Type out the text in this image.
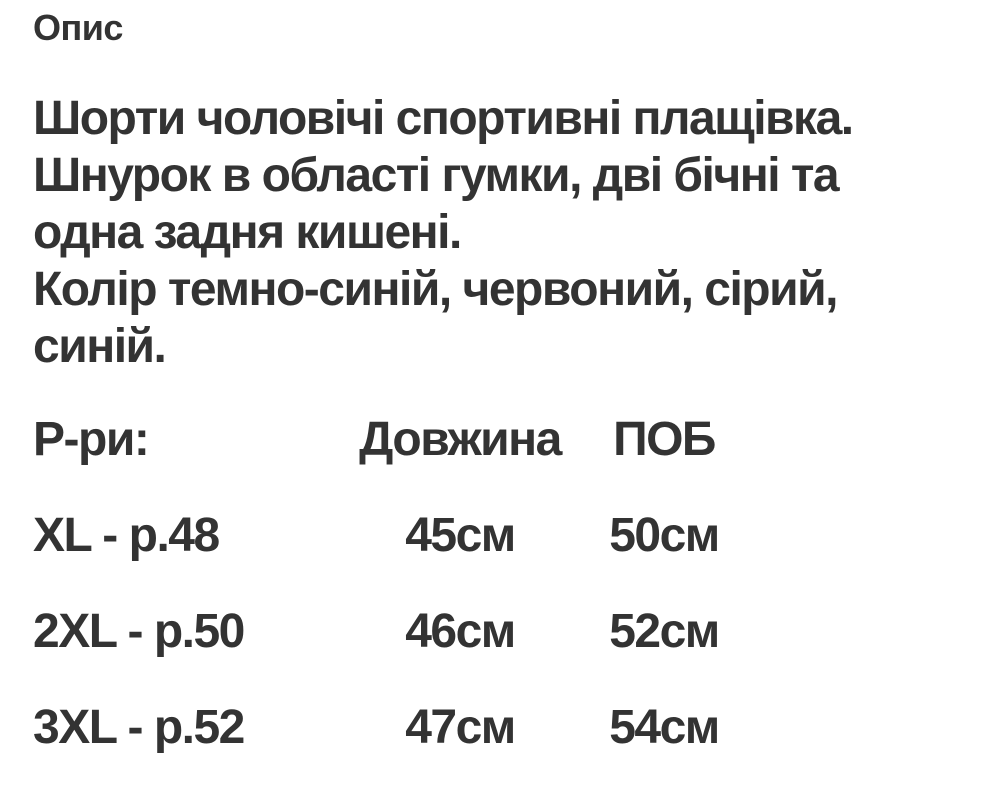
Опис
Шорти чоловічі спортивні плащівка.
Шнурок в області гумки, дві бічні та
одна задня кишені.
Колір темно-синій, червоний, сірий,
синій.
Р-ри:	Довжина	ПОБ
XL - р.48	45см	50см
2XL - р.50	46см	52см
3XL - р.52	47см	54см
